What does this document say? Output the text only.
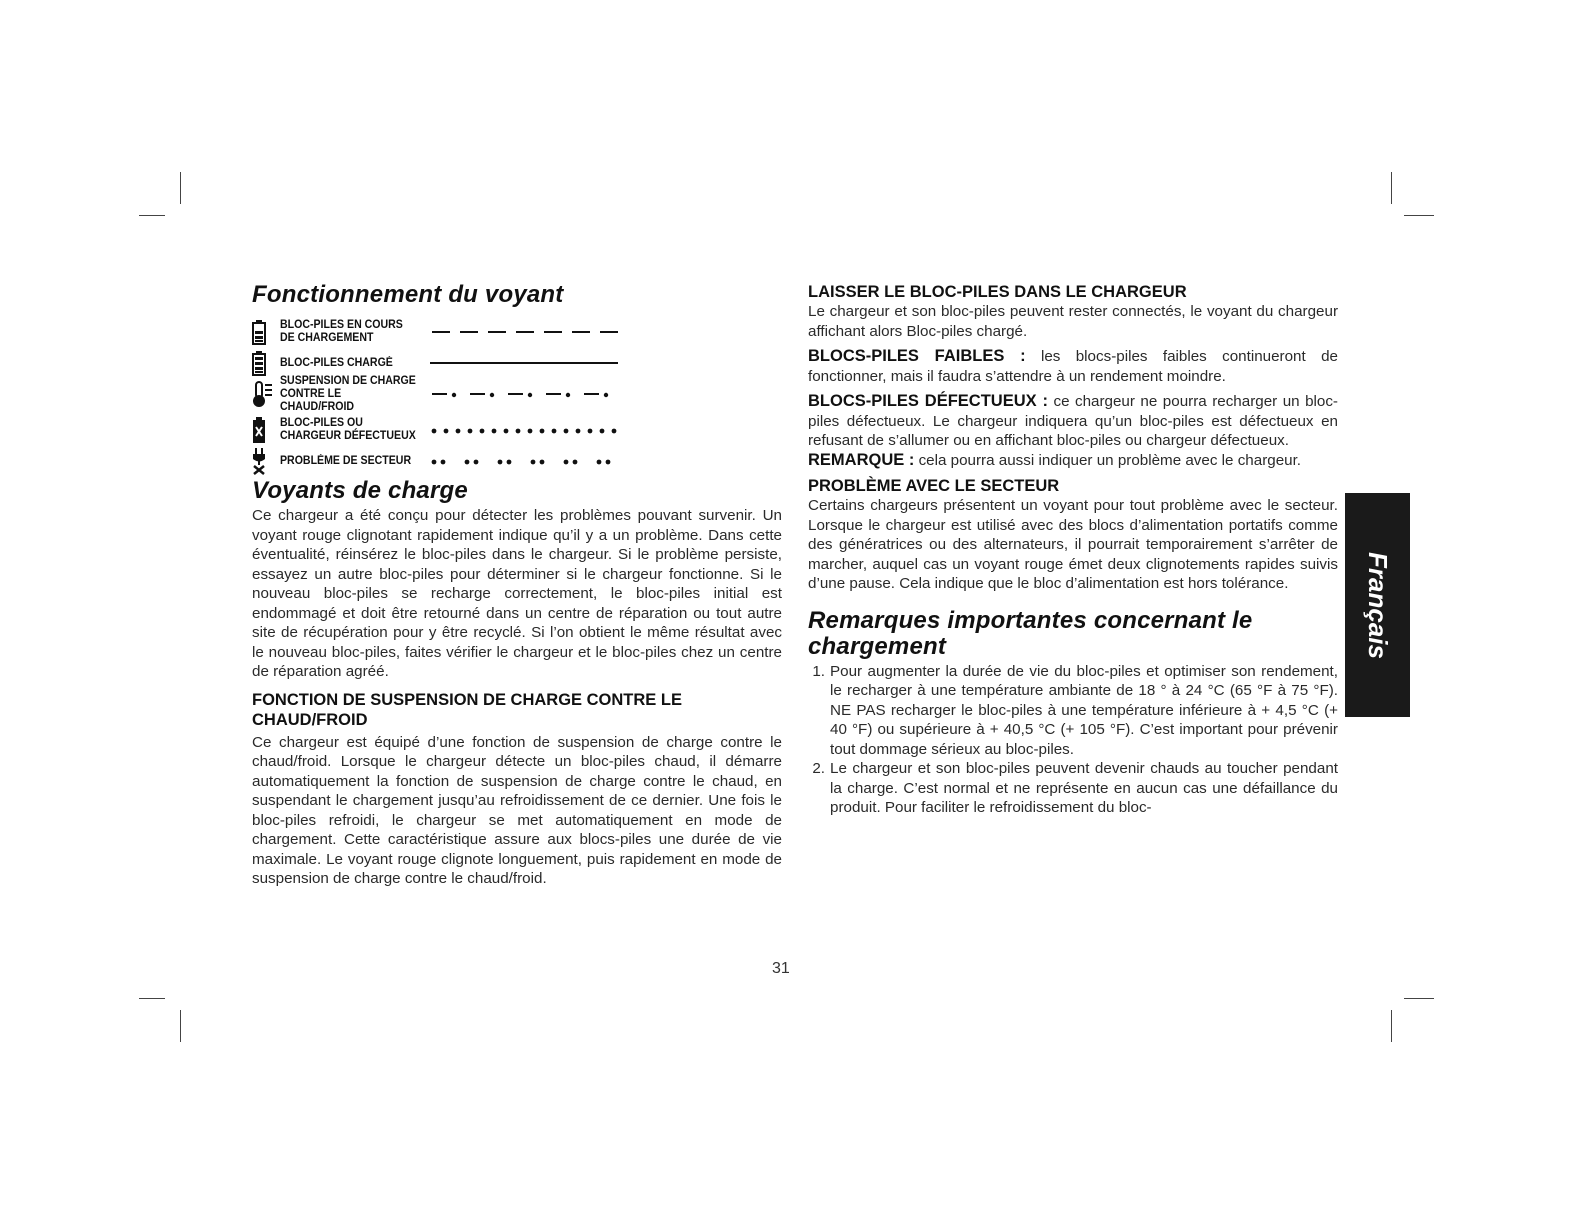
Fonctionnement du voyant
BLOC-PILES EN COURS DE CHARGEMENT
BLOC-PILES CHARGÉ
SUSPENSION DE CHARGE CONTRE LE CHAUD/FROID
BLOC-PILES OU CHARGEUR DÉFECTUEUX
PROBLÈME DE SECTEUR
Voyants de charge

Ce chargeur a été conçu pour détecter les problèmes pouvant survenir. Un voyant rouge clignotant rapidement indique qu’il y a un problème. Dans cette éventualité, réinsérez le bloc-piles dans le chargeur. Si le problème persiste, essayez un autre bloc-piles pour déterminer si le chargeur fonctionne. Si le nouveau bloc-piles se recharge correctement, le bloc-piles initial est endommagé et doit être retourné dans un centre de réparation ou tout autre site de récupération pour y être recyclé. Si l’on obtient le même résultat avec le nouveau bloc-piles, faites vérifier le chargeur et le bloc-piles chez un centre de réparation agréé.

FONCTION DE SUSPENSION DE CHARGE CONTRE LE CHAUD/FROID

Ce chargeur est équipé d’une fonction de suspension de charge contre le chaud/froid. Lorsque le chargeur détecte un bloc-piles chaud, il démarre automatiquement la fonction de suspension de charge contre le chaud, en suspendant le chargement jusqu’au refroidissement de ce dernier. Une fois le bloc-piles refroidi, le chargeur se met automatiquement en mode de chargement. Cette caractéristique assure aux blocs-piles une durée de vie maximale. Le voyant rouge clignote longuement, puis rapidement en mode de suspension de charge contre le chaud/froid.

LAISSER LE BLOC-PILES DANS LE CHARGEUR

Le chargeur et son bloc-piles peuvent rester connectés, le voyant du chargeur affichant alors Bloc-piles chargé.

BLOCS-PILES FAIBLES : les blocs-piles faibles continueront de fonctionner, mais il faudra s’attendre à un rendement moindre.

BLOCS-PILES DÉFECTUEUX : ce chargeur ne pourra recharger un bloc-piles défectueux. Le chargeur indiquera qu’un bloc-piles est défectueux en refusant de s’allumer ou en affichant bloc-piles ou chargeur défectueux.

REMARQUE : cela pourra aussi indiquer un problème avec le chargeur.

PROBLÈME AVEC LE SECTEUR

Certains chargeurs présentent un voyant pour tout problème avec le secteur. Lorsque le chargeur est utilisé avec des blocs d’alimentation portatifs comme des génératrices ou des alternateurs, il pourrait temporairement s’arrêter de marcher, auquel cas un voyant rouge émet deux clignotements rapides suivis d’une pause. Cela indique que le bloc d’alimentation est hors tolérance.

Remarques importantes concernant le chargement
1. Pour augmenter la durée de vie du bloc-piles et optimiser son rendement, le recharger à une température ambiante de 18 ° à 24 °C (65 °F à 75 °F). NE PAS recharger le bloc-piles à une température inférieure à + 4,5 °C (+ 40 °F) ou supérieure à + 40,5 °C (+ 105 °F). C’est important pour prévenir tout dommage sérieux au bloc-piles.

2. Le chargeur et son bloc-piles peuvent devenir chauds au toucher pendant la charge. C’est normal et ne représente en aucun cas une défaillance du produit. Pour faciliter le refroidissement du bloc-

Français
31
